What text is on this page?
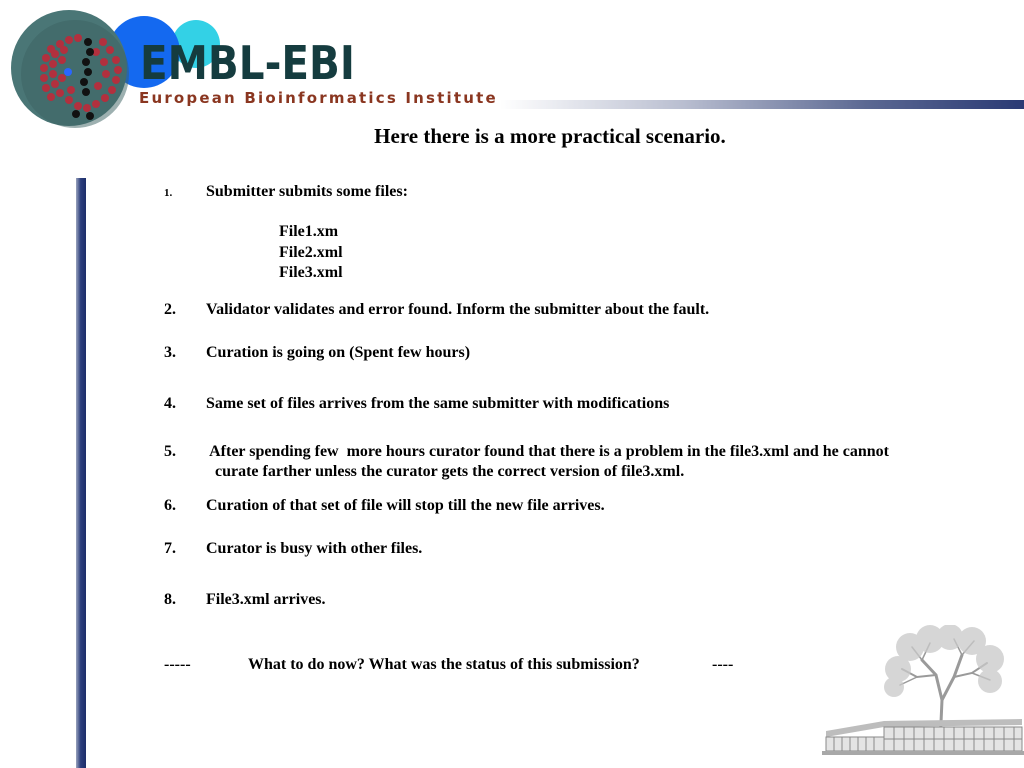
EMBL-EBI
European Bioinformatics Institute
Here there is a more practical scenario.
1. Submitter submits some files:
File1.xm
File2.xml
File3.xml
2. Validator validates and error found. Inform the submitter about the fault.
3. Curation is going on (Spent few hours)
4. Same set of files arrives from the same submitter with modifications
5. After spending few  more hours curator found that there is a problem in the file3.xml and he cannot
curate farther unless the curator gets the correct version of file3.xml.
6. Curation of that set of file will stop till the new file arrives.
7. Curator is busy with other files.
8. File3.xml arrives.
-----	What to do now? What was the status of this submission?	----
